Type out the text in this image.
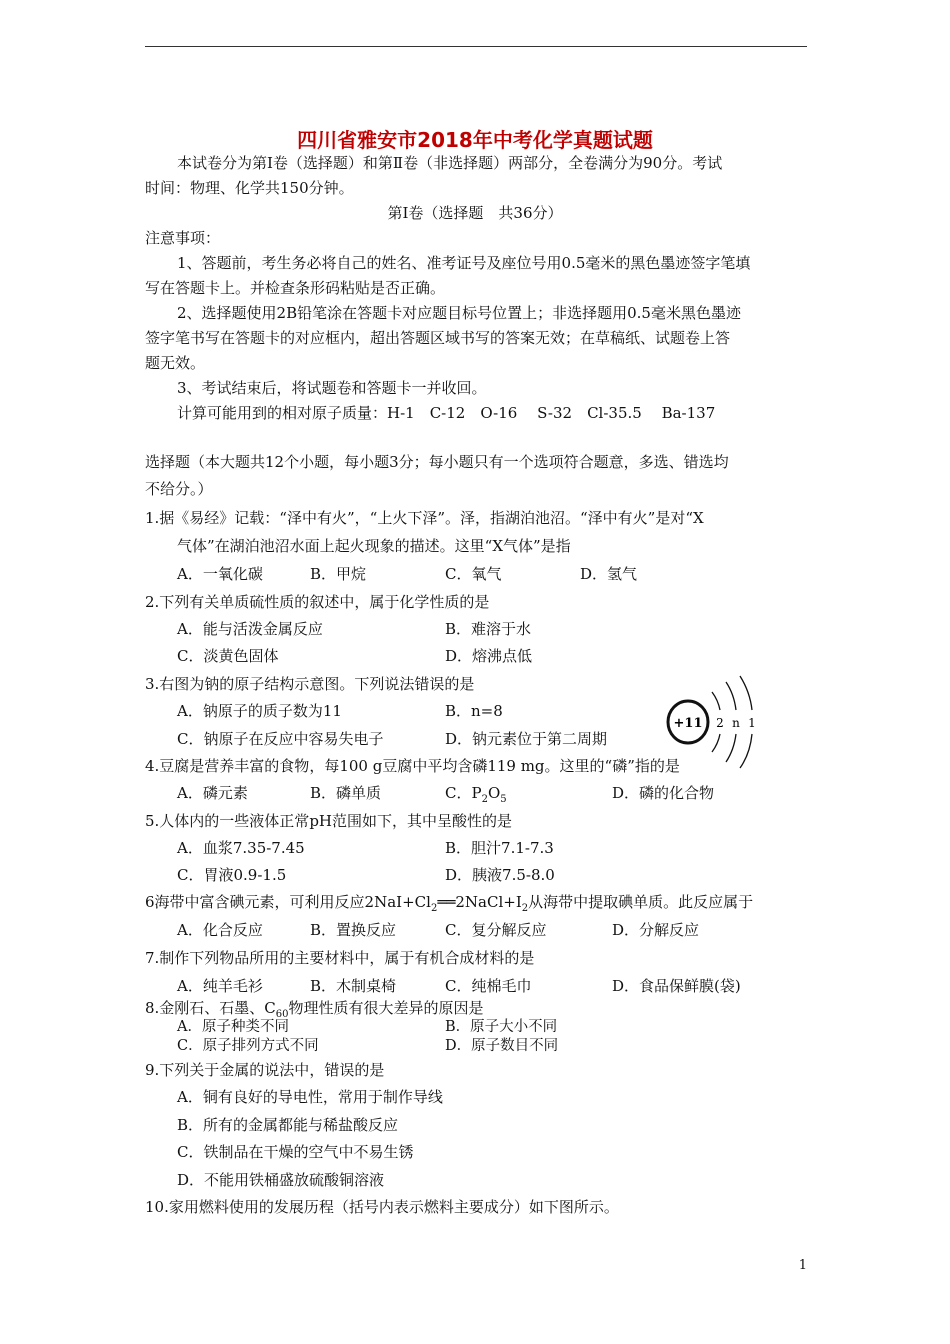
四川省雅安市2018年中考化学真题试题
本试卷分为第Ⅰ卷（选择题）和第Ⅱ卷（非选择题）两部分，全卷满分为90分。考试
时间：物理、化学共150分钟。
第Ⅰ卷（选择题　共36分）
注意事项：
1、答题前，考生务必将自己的姓名、准考证号及座位号用0.5毫米的黑色墨迹签字笔填
写在答题卡上。并检查条形码粘贴是否正确。
2、选择题使用2B铅笔涂在答题卡对应题目标号位置上；非选择题用0.5毫米黑色墨迹
签字笔书写在答题卡的对应框内，超出答题区域书写的答案无效；在草稿纸、试题卷上答
题无效。
3、考试结束后，将试题卷和答题卡一并收回。
计算可能用到的相对原子质量：H-1　C-12　O-16　 S-32　Cl-35.5　 Ba-137
选择题（本大题共12个小题，每小题3分；每小题只有一个选项符合题意，多选、错选均
不给分。）
1.据《易经》记载：“泽中有火”，“上火下泽”。泽，指湖泊池沼。“泽中有火”是对“X
气体”在湖泊池沼水面上起火现象的描述。这里“X气体”是指
A．一氧化碳	B．甲烷	C．氧气	D．氢气
2.下列有关单质硫性质的叙述中，属于化学性质的是
A．能与活泼金属反应	B．难溶于水
C．淡黄色固体	D．熔沸点低
3.右图为钠的原子结构示意图。下列说法错误的是
A．钠原子的质子数为11	B．n=8
C．钠原子在反应中容易失电子	D．钠元素位于第二周期
+11 2 n 1
4.豆腐是营养丰富的食物，每100 g豆腐中平均含磷119 mg。这里的“磷”指的是
A．磷元素	B．磷单质	C．$P_2O_5$	D．磷的化合物
5.人体内的一些液体正常pH范围如下，其中呈酸性的是
A．血浆7.35-7.45	B．胆汁7.1-7.3
C．胃液0.9-1.5	D．胰液7.5-8.0
6海带中富含碘元素，可利用反应$2NaI+Cl_2══2NaCl+I_2$从海带中提取碘单质。此反应属于
A．化合反应	B．置换反应	C．复分解反应	D．分解反应
7.制作下列物品所用的主要材料中，属于有机合成材料的是
A．纯羊毛衫	B．木制桌椅	C．纯棉毛巾	D．食品保鲜膜(袋)
8.金刚石、石墨、$C_{60}$物理性质有很大差异的原因是
A．原子种类不同	B．原子大小不同
C．原子排列方式不同	D．原子数目不同
9.下列关于金属的说法中，错误的是
A．铜有良好的导电性，常用于制作导线
B．所有的金属都能与稀盐酸反应
C．铁制品在干燥的空气中不易生锈
D．不能用铁桶盛放硫酸铜溶液
10.家用燃料使用的发展历程（括号内表示燃料主要成分）如下图所示。
1
